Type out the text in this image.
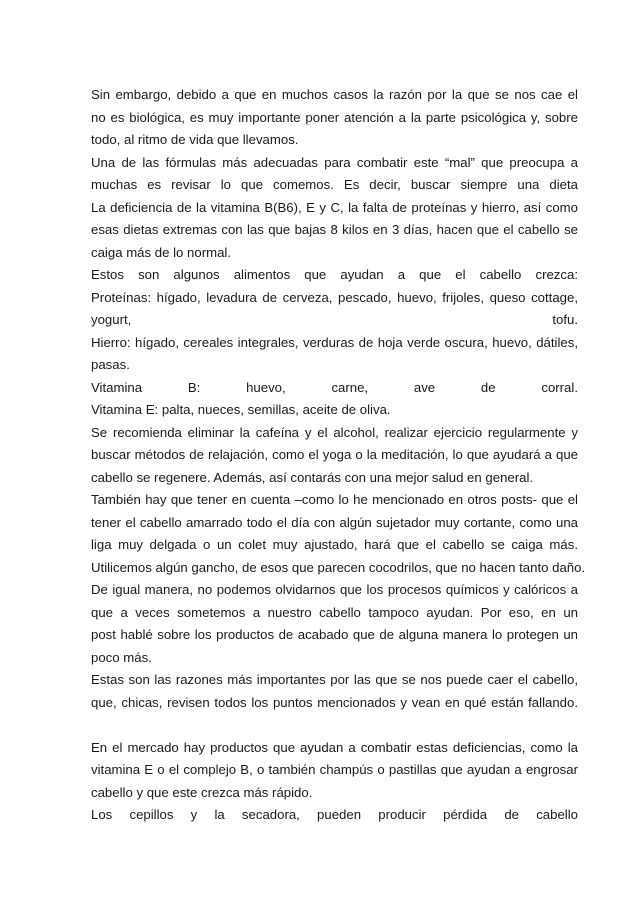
Sin embargo, debido a que en muchos casos la razón por la que se nos cae el
no es biológica, es muy importante poner atención a la parte psicológica y, sobre
todo, al ritmo de vida que llevamos.
Una de las fórmulas más adecuadas para combatir este “mal” que preocupa a
muchas es revisar lo que comemos. Es decir, buscar siempre una dieta
La deficiencia de la vitamina B(B6), E y C, la falta de proteínas y hierro, así como
esas dietas extremas con las que bajas 8 kilos en 3 días, hacen que el cabello se
caiga más de lo normal.
Estos son algunos alimentos que ayudan a que el cabello crezca:
Proteínas: hígado, levadura de cerveza, pescado, huevo, frijoles, queso cottage,
yogurt, tofu.
Hierro: hígado, cereales integrales, verduras de hoja verde oscura, huevo, dátiles,
pasas.
Vitamina B: huevo, carne, ave de corral.
Vitamina E: palta, nueces, semillas, aceite de oliva.
Se recomienda eliminar la cafeína y el alcohol, realizar ejercicio regularmente y
buscar métodos de relajación, como el yoga o la meditación, lo que ayudará a que
cabello se regenere. Además, así contarás con una mejor salud en general.
También hay que tener en cuenta –como lo he mencionado en otros posts- que el
tener el cabello amarrado todo el día con algún sujetador muy cortante, como una
liga muy delgada o un colet muy ajustado, hará que el cabello se caiga más.
Utilicemos algún gancho, de esos que parecen cocodrilos, que no hacen tanto daño.
De igual manera, no podemos olvidarnos que los procesos químicos y calóricos a
que a veces sometemos a nuestro cabello tampoco ayudan. Por eso, en un
post hablé sobre los productos de acabado que de alguna manera lo protegen un
poco más.
Estas son las razones más importantes por las que se nos puede caer el cabello,
que, chicas, revisen todos los puntos mencionados y vean en qué están fallando.
En el mercado hay productos que ayudan a combatir estas deficiencias, como la
vitamina E o el complejo B, o también champús o pastillas que ayudan a engrosar
cabello y que este crezca más rápido.
Los cepillos y la secadora, pueden producir pérdida de cabello
